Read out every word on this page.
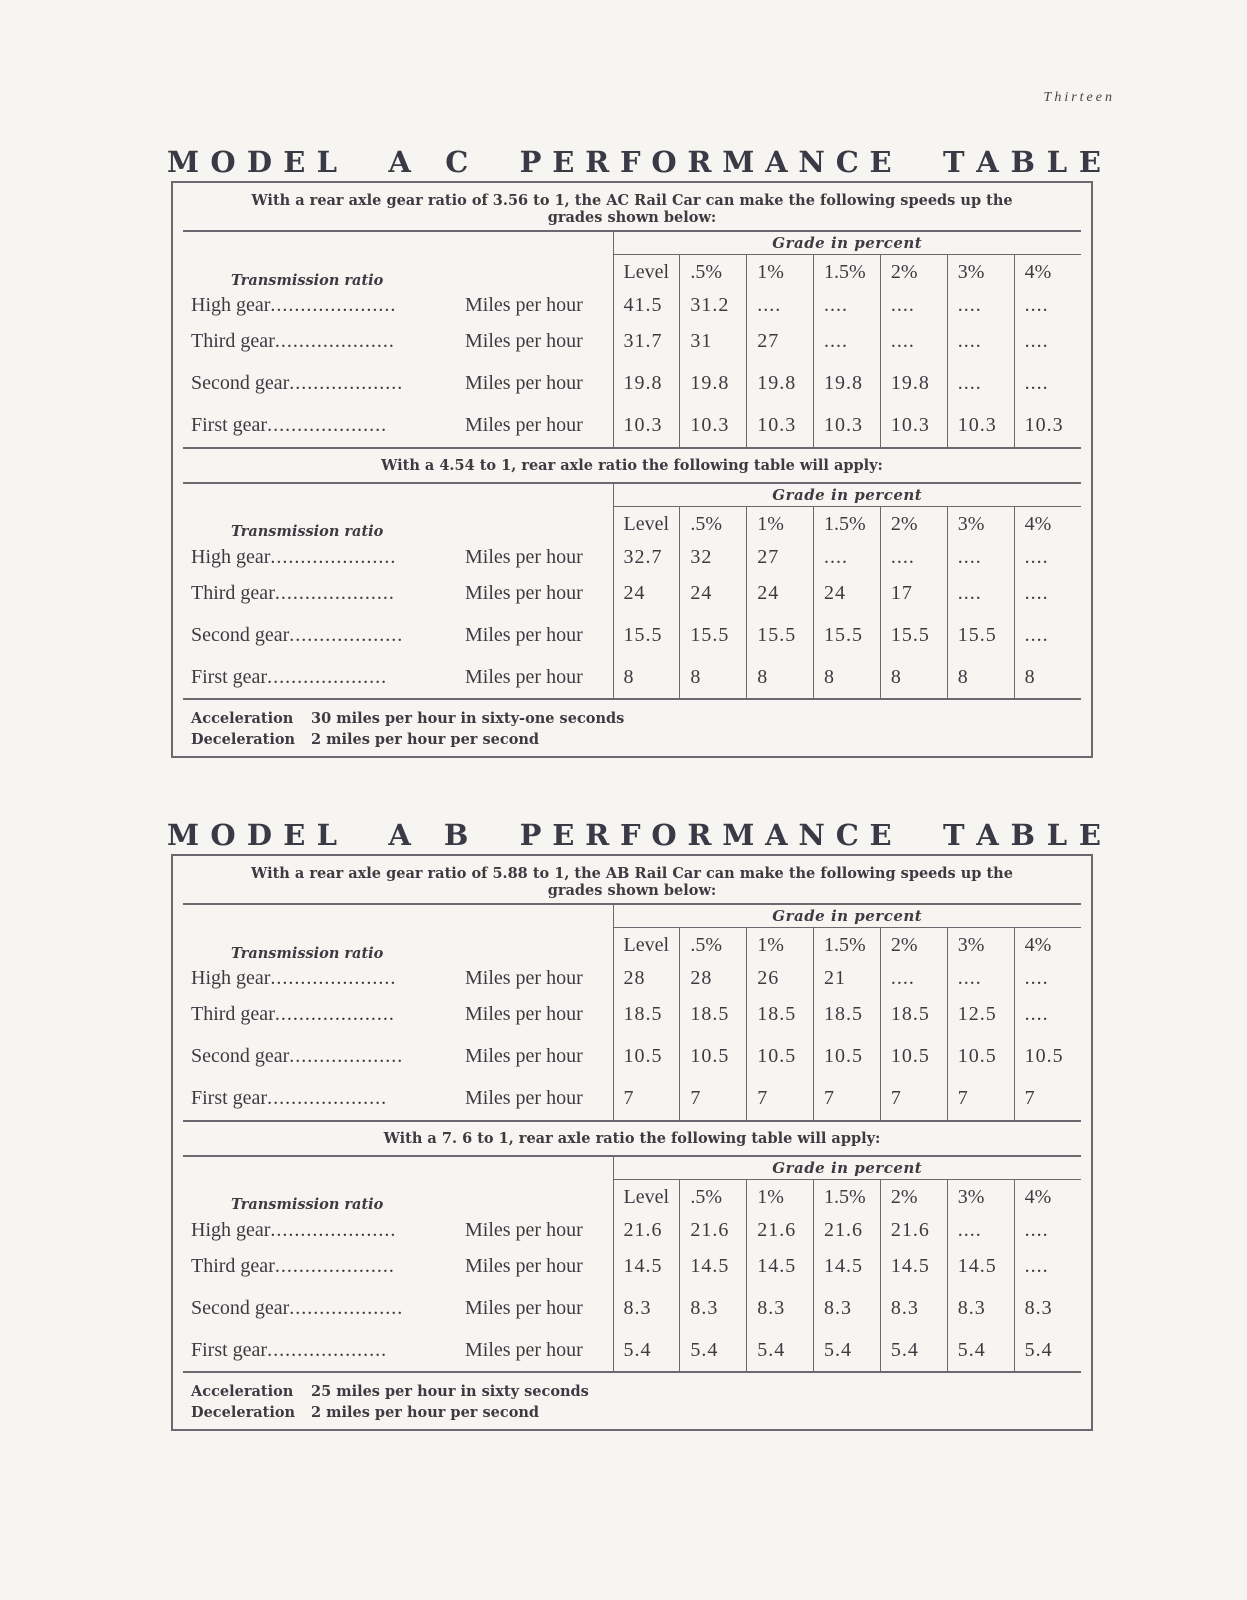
Thirteen
M O D E L A C P E R F O R M A N C E T A B L E
With a rear axle gear ratio of 3.56 to 1, the AC Rail Car can make the following speeds up the grades shown below:
		Grade in percent						
Transmission ratio		Level	.5%	1%	1.5%	2%	3%	4%
High gear.....................	Miles per hour	41.5	31.2	....	....	....	....	....
Third gear....................	Miles per hour	31.7	31	27	....	....	....	....
Second gear...................	Miles per hour	19.8	19.8	19.8	19.8	19.8	....	....
First gear....................	Miles per hour	10.3	10.3	10.3	10.3	10.3	10.3	10.3
With a 4.54 to 1, rear axle ratio the following table will apply:
		Grade in percent						
Transmission ratio		Level	.5%	1%	1.5%	2%	3%	4%
High gear.....................	Miles per hour	32.7	32	27	....	....	....	....
Third gear....................	Miles per hour	24	24	24	24	17	....	....
Second gear...................	Miles per hour	15.5	15.5	15.5	15.5	15.5	15.5	....
First gear....................	Miles per hour	8	8	8	8	8	8	8
Acceleration 30 miles per hour in sixty-one seconds
Deceleration 2 miles per hour per second
M O D E L A B P E R F O R M A N C E T A B L E
With a rear axle gear ratio of 5.88 to 1, the AB Rail Car can make the following speeds up the grades shown below:
		Grade in percent						
Transmission ratio		Level	.5%	1%	1.5%	2%	3%	4%
High gear.....................	Miles per hour	28	28	26	21	....	....	....
Third gear....................	Miles per hour	18.5	18.5	18.5	18.5	18.5	12.5	....
Second gear...................	Miles per hour	10.5	10.5	10.5	10.5	10.5	10.5	10.5
First gear....................	Miles per hour	7	7	7	7	7	7	7
With a 7. 6 to 1, rear axle ratio the following table will apply:
		Grade in percent						
Transmission ratio		Level	.5%	1%	1.5%	2%	3%	4%
High gear.....................	Miles per hour	21.6	21.6	21.6	21.6	21.6	....	....
Third gear....................	Miles per hour	14.5	14.5	14.5	14.5	14.5	14.5	....
Second gear...................	Miles per hour	8.3	8.3	8.3	8.3	8.3	8.3	8.3
First gear....................	Miles per hour	5.4	5.4	5.4	5.4	5.4	5.4	5.4
Acceleration 25 miles per hour in sixty seconds
Deceleration 2 miles per hour per second
